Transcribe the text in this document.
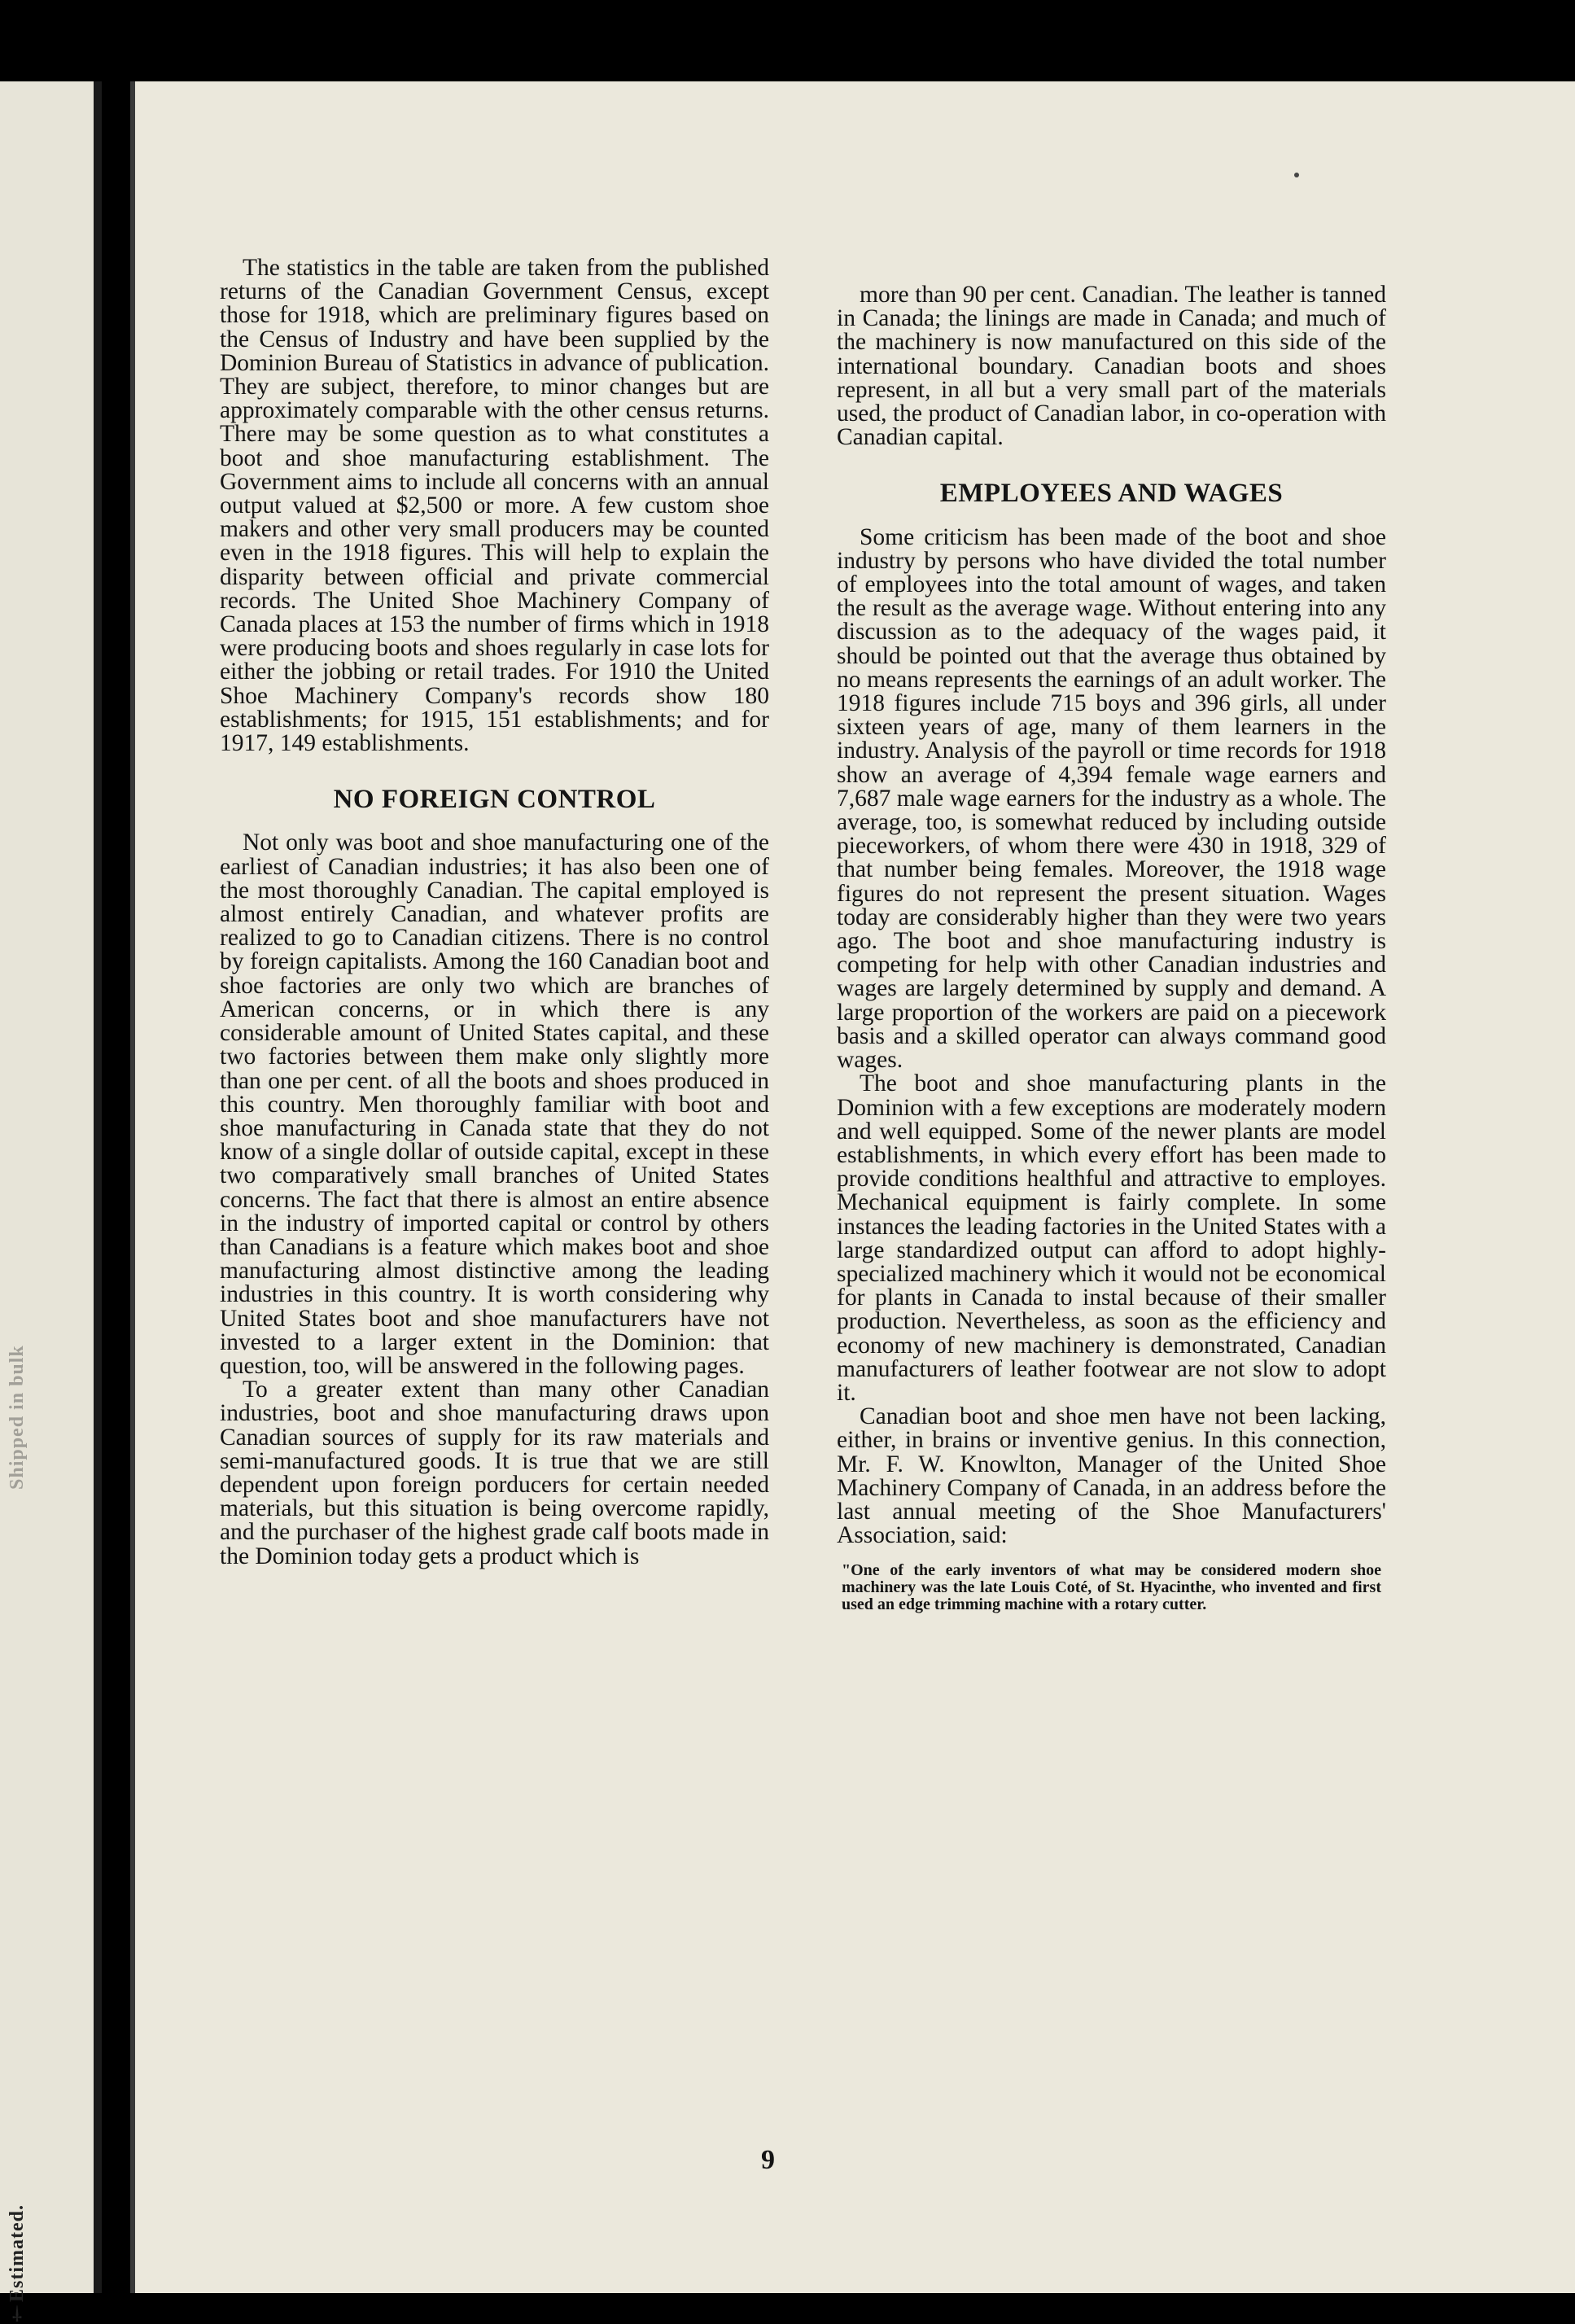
Shipped in bulk
†Estimated.

The statistics in the table are taken from the published returns of the Canadian Government Census, except those for 1918, which are preliminary figures based on the Census of Industry and have been supplied by the Dominion Bureau of Statistics in advance of publication. They are subject, therefore, to minor changes but are approximately comparable with the other census returns. There may be some question as to what constitutes a boot and shoe manufacturing establishment. The Government aims to include all concerns with an annual output valued at $2,500 or more. A few custom shoe makers and other very small producers may be counted even in the 1918 figures. This will help to explain the disparity between official and private commercial records. The United Shoe Machinery Company of Canada places at 153 the number of firms which in 1918 were producing boots and shoes regularly in case lots for either the jobbing or retail trades. For 1910 the United Shoe Machinery Company's records show 180 establishments; for 1915, 151 establishments; and for 1917, 149 establishments.

NO FOREIGN CONTROL

Not only was boot and shoe manufacturing one of the earliest of Canadian industries; it has also been one of the most thoroughly Canadian. The capital employed is almost entirely Canadian, and whatever profits are realized to go to Canadian citizens. There is no control by foreign capitalists. Among the 160 Canadian boot and shoe factories are only two which are branches of American concerns, or in which there is any considerable amount of United States capital, and these two factories between them make only slightly more than one per cent. of all the boots and shoes produced in this country. Men thoroughly familiar with boot and shoe manufacturing in Canada state that they do not know of a single dollar of outside capital, except in these two comparatively small branches of United States concerns. The fact that there is almost an entire absence in the industry of imported capital or control by others than Canadians is a feature which makes boot and shoe manufacturing almost distinctive among the leading industries in this country. It is worth considering why United States boot and shoe manufacturers have not invested to a larger extent in the Dominion: that question, too, will be answered in the following pages.

To a greater extent than many other Canadian industries, boot and shoe manufacturing draws upon Canadian sources of supply for its raw materials and semi-manufactured goods. It is true that we are still dependent upon foreign porducers for certain needed materials, but this situation is being overcome rapidly, and the purchaser of the highest grade calf boots made in the Dominion today gets a product which is

more than 90 per cent. Canadian. The leather is tanned in Canada; the linings are made in Canada; and much of the machinery is now manufactured on this side of the international boundary. Canadian boots and shoes represent, in all but a very small part of the materials used, the product of Canadian labor, in co-operation with Canadian capital.

EMPLOYEES AND WAGES

Some criticism has been made of the boot and shoe industry by persons who have divided the total number of employees into the total amount of wages, and taken the result as the average wage. Without entering into any discussion as to the adequacy of the wages paid, it should be pointed out that the average thus obtained by no means represents the earnings of an adult worker. The 1918 figures include 715 boys and 396 girls, all under sixteen years of age, many of them learners in the industry. Analysis of the payroll or time records for 1918 show an average of 4,394 female wage earners and 7,687 male wage earners for the industry as a whole. The average, too, is somewhat reduced by including outside pieceworkers, of whom there were 430 in 1918, 329 of that number being females. Moreover, the 1918 wage figures do not represent the present situation. Wages today are considerably higher than they were two years ago. The boot and shoe manufacturing industry is competing for help with other Canadian industries and wages are largely determined by supply and demand. A large proportion of the workers are paid on a piecework basis and a skilled operator can always command good wages.

The boot and shoe manufacturing plants in the Dominion with a few exceptions are moderately modern and well equipped. Some of the newer plants are model establishments, in which every effort has been made to provide conditions healthful and attractive to employes. Mechanical equipment is fairly complete. In some instances the leading factories in the United States with a large standardized output can afford to adopt highly-specialized machinery which it would not be economical for plants in Canada to instal because of their smaller production. Nevertheless, as soon as the efficiency and economy of new machinery is demonstrated, Canadian manufacturers of leather footwear are not slow to adopt it.

Canadian boot and shoe men have not been lacking, either, in brains or inventive genius. In this connection, Mr. F. W. Knowlton, Manager of the United Shoe Machinery Company of Canada, in an address before the last annual meeting of the Shoe Manufacturers' Association, said:

"One of the early inventors of what may be considered modern shoe machinery was the late Louis Coté, of St. Hyacinthe, who invented and first used an edge trimming machine with a rotary cutter.
9
